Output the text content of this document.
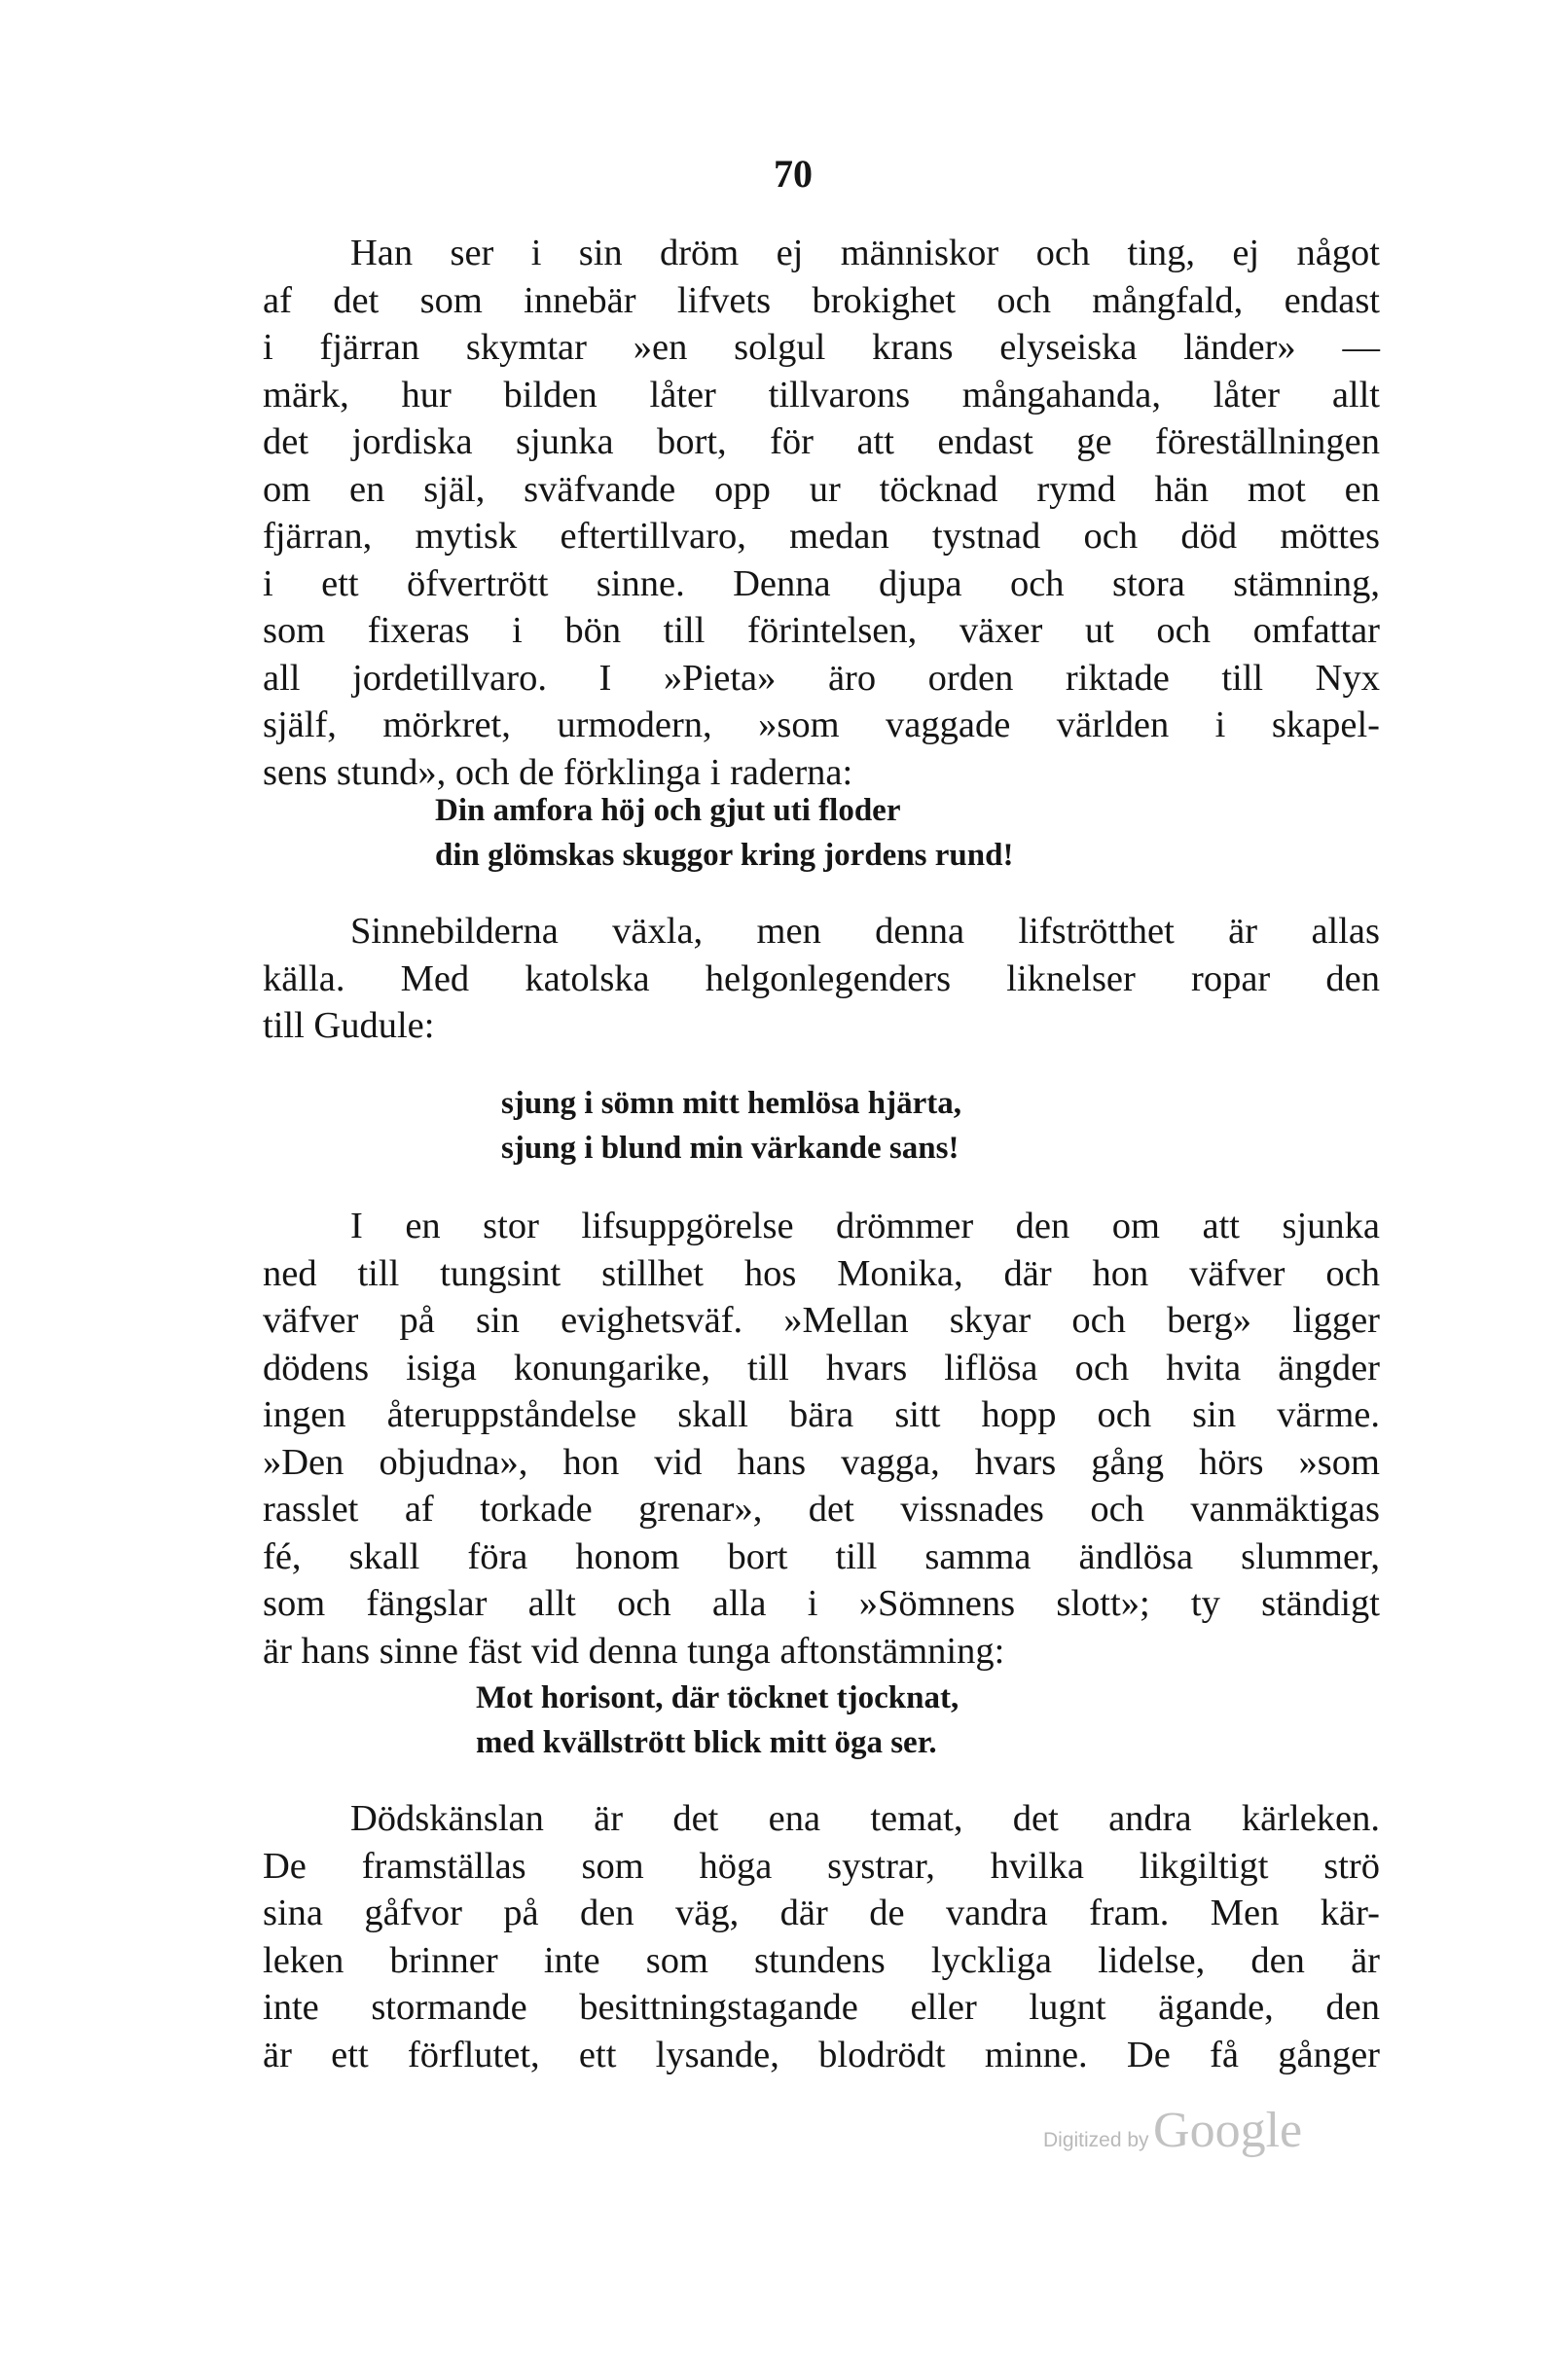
70

Han ser i sin dröm ej människor och ting, ej något
af det som innebär lifvets brokighet och mångfald, endast
i fjärran skymtar »en solgul krans elyseiska länder» —
märk, hur bilden låter tillvarons mångahanda, låter allt
det jordiska sjunka bort, för att endast ge föreställningen
om en själ, sväfvande opp ur töcknad rymd hän mot en
fjärran, mytisk eftertillvaro, medan tystnad och död möttes
i ett öfvertrött sinne. Denna djupa och stora stämning,
som fixeras i bön till förintelsen, växer ut och omfattar
all jordetillvaro. I »Pieta» äro orden riktade till Nyx
själf, mörkret, urmodern, »som vaggade världen i skapel-
sens stund», och de förklinga i raderna:

Din amfora höj och gjut uti floder
din glömskas skuggor kring jordens rund!

Sinnebilderna växla, men denna lifströtthet är allas
källa. Med katolska helgonlegenders liknelser ropar den
till Gudule:

sjung i sömn mitt hemlösa hjärta,
sjung i blund min värkande sans!

I en stor lifsuppgörelse drömmer den om att sjunka
ned till tungsint stillhet hos Monika, där hon väfver och
väfver på sin evighetsväf. »Mellan skyar och berg» ligger
dödens isiga konungarike, till hvars liflösa och hvita ängder
ingen återuppståndelse skall bära sitt hopp och sin värme.
»Den objudna», hon vid hans vagga, hvars gång hörs »som
rasslet af torkade grenar», det vissnades och vanmäktigas
fé, skall föra honom bort till samma ändlösa slummer,
som fängslar allt och alla i »Sömnens slott»; ty ständigt
är hans sinne fäst vid denna tunga aftonstämning:

Mot horisont, där töcknet tjocknat,
med kvällstrött blick mitt öga ser.

Dödskänslan är det ena temat, det andra kärleken.
De framställas som höga systrar, hvilka likgiltigt strö
sina gåfvor på den väg, där de vandra fram. Men kär-
leken brinner inte som stundens lyckliga lidelse, den är
inte stormande besittningstagande eller lugnt ägande, den
är ett förflutet, ett lysande, blodrödt minne. De få gånger

Digitized by Google
